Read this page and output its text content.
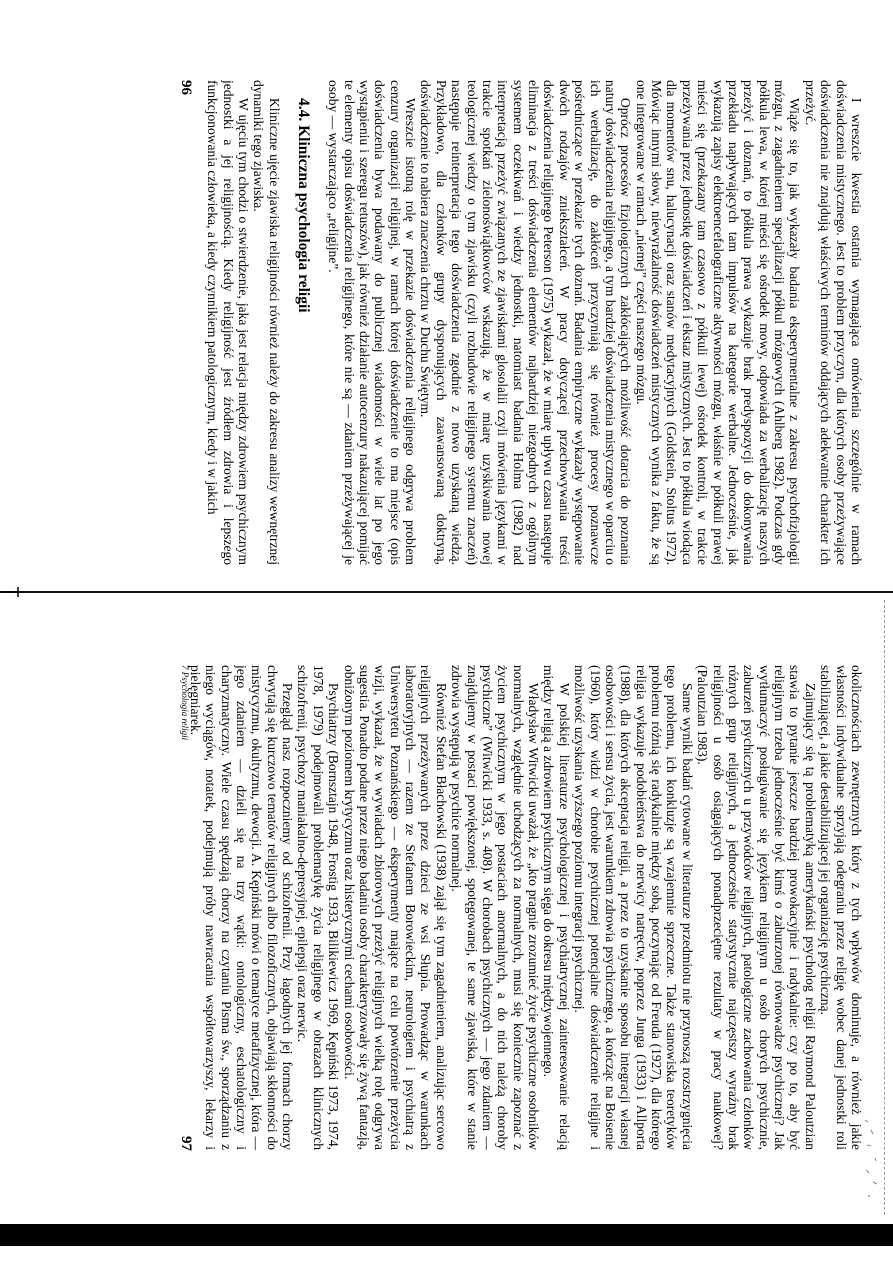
I wreszcie kwestia ostatnia wymagająca omówienia szczególnie w ramach doświadczenia mistycznego. Jest to problem przyczyn, dla których osoby przeżywające doświadczenia nie znajdują właściwych terminów oddających adekwatnie charakter ich przeżyć.

Wiąże się to, jak wykazały badania eksperymentalne z zakresu psychofizjologii mózgu, z zagadnieniem specjalizacji półkul mózgowych (Ahlberg 1982). Podczas gdy półkula lewa, w której mieści się ośrodek mowy, odpowiada za werbalizację naszych przeżyć i doznań, to półkula prawa wykazuje brak predyspozycji do dokonywania przekładu napływających tam impulsów na kategorie werbalne. Jednocześnie, jak wykazują zapisy elektroencefalograficzne aktywności mózgu, właśnie w półkuli prawej mieści się (przekazany tam czasowo z półkuli lewej) ośrodek kontroli, w trakcie przeżywania przez jednostkę doświadczeń i ekstaz mistycznych. Jest to półkula wiodąca dla momentów snu, halucynacji oraz stanów medytacyjnych (Goldstein, Stoltus 1972). Mówiąc innymi słowy, niewyrażalność doświadczeń mistycznych wynika z faktu, że są one integrowane w ramach „niemej” części naszego mózgu.

Oprócz procesów fizjologicznych zakłócających możliwość dotarcia do poznania natury doświadczenia religijnego, a tym bardziej doświadczenia mistycznego w oparciu o ich werbalizację, do zakłóceń przyczyniają się również procesy poznawcze pośredniczące w przekazie tych doznań. Badania empiryczne wykazały występowanie dwóch rodzajów zniekształceń. W pracy dotyczącej przechowywania treści doświadczenia religijnego Peterson (1975) wykazał, że w miarę upływu czasu następuje eliminacja z treści doświadczenia elementów najbardziej niezgodnych z ogólnym systemem oczekiwań i wiedzy jednostki, natomiast badania Holma (1982) nad interpretacją przeżyć związanych ze zjawiskami glosolalii czyli mówienia językami w trakcie spotkań zielonoświątkowców wskazują, że w miarę uzyskiwania nowej teologicznej wiedzy o tym zjawisku (czyli rozbudowie religijnego systemu znaczeń) następuje reinterpretacja tego doświadczenia zgodnie z nowo uzyskaną wiedzą. Przykładowo, dla członków grupy dysponujących zaawansowaną doktryną, doświadczenie to nabiera znaczenia chrztu w Duchu Świętym.

Wreszcie istotną rolę w przekazie doświadczenia religijnego odgrywa problem cenzury organizacji religijnej, w ramach której doświadczenie to ma miejsce (opis doświadczenia bywa podawany do publicznej wiadomości w wiele lat po jego wystąpieniu i szeregu retuszów), jak również działanie autocenzury nakazującej pomijać te elementy opisu doświadczenia religijnego, które nie są — zdaniem przeżywającej je osoby — wystarczająco „religijne”.

4.4. Kliniczna psychologia religii

Kliniczne ujęcie zjawiska religijności również należy do zakresu analizy wewnętrznej dynamiki tego zjawiska.

W ujęciu tym chodzi o stwierdzenie, jaka jest relacja między zdrowiem psychicznym jednostki a jej religijnością. Kiedy religijność jest źródłem zdrowia i lepszego funkcjonowania człowieka, a kiedy czynnikiem patologicznym, kiedy i w jakich

96

okolicznościach zewnętrznych który z tych wpływów dominuje, a również jakie własności indywidualne sprzyjają odegraniu przez religię wobec danej jednostki roli stabilizującej, a jakie destabilizującej jej organizację psychiczną.

Zajmujący się tą problematyką amerykański psycholog religii Raymond Paloutzian stawia to pytanie jeszcze bardziej prowokacyjnie i radykalnie: czy po to, aby być religijnym trzeba jednocześnie być kimś o zaburzonej równowadze psychicznej? Jak wytłumaczyć posługiwanie się językiem religijnym u osób chorych psychicznie, zaburzeń psychicznych u przywódców religijnych, patologiczne zachowania członków różnych grup religijnych, a jednocześnie statystycznie najczęstszy wyraźny brak religijności u osób osiągających ponadprzeciętne rezultaty w pracy naukowej? (Paloutzian 1983).

Same wyniki badań cytowane w literaturze przedmiotu nie przynoszą rozstrzygnięcia tego problemu, ich konkluzje są wzajemnie sprzeczne. Także stanowiska teoretyków problemu różnią się radykalnie między sobą, poczynając od Freuda (1927), dla którego religia wykazuje podobieństwa do nerwicy natręctw, poprzez Junga (1933) i Allporta (1988), dla których akceptacja religii, a przez to uzyskanie sposobu integracji własnej osobowości i sensu życia, jest warunkiem zdrowia psychicznego, a kończąc na Boisenie (1960), który widzi w chorobie psychicznej potencjalne doświadczenie religijne i możliwość uzyskania wyższego poziomu integracji psychicznej.

W polskiej literaturze psychologicznej i psychiatrycznej zainteresowanie relacją między religią a zdrowiem psychicznym sięga do okresu międzywojennego.

Władysław Witwicki uważał, że „kto pragnie zrozumieć życie psychiczne osobników normalnych, względnie uchodzących za normalnych, musi się koniecznie zapoznać z życiem psychicznym w jego postaciach anormalnych, a do nich należą choroby psychiczne” (Witwicki 1933, s. 408). W chorobach psychicznych — jego zdaniem — znajdujemy w postaci powiększonej, spotęgowanej, te same zjawiska, które w stanie zdrowia występują w psychice normalnej.

Również Stefan Błachowski (1938) zajął się tym zagadnieniem, analizując sercowo religijnych przeżywanych przez dzieci ze wsi Słupia. Prowadząc w warunkach laboratoryjnych — razem ze Stefanem Borowieckim, neurologiem i psychiatrą z Uniwersytetu Poznańskiego — eksperymenty mające na celu powtórzenie przeżycia wizji, wykazał, że w wywiadach zbiorowych przeżyć religijnych wielką rolę odgrywa sugestia. Ponadto podane przez niego badaniu osoby charakteryzowały się żywą fantazją, obniżonym poziomem krytycyzmu oraz histerycznymi cechami osobowości.

Psychiatrzy (Bornsztajn 1948, Frostig 1933, Bilikiewicz 1969, Kępiński 1973, 1974, 1978, 1979) podejmowali problematykę życia religijnego w obrazach klinicznych schizofrenii, psychozy maniakalno-depresyjnej, epilepsji oraz nerwic.

Przegląd nasz rozpoczniemy od schizofrenii. Przy łagodnych jej formach chorzy chwytają się kurczowo tematów religijnych albo filozoficznych, objawiają skłonności do mistycyzmu, okultyzmu, dewocji. A. Kępiński mówi o tematyce metafizycznej, która — jego zdaniem — dzieli się na trzy wątki: ontologiczny, eschatologiczny i charyzmatyczny. Wiele czasu spędzają chorzy na czytaniu Pisma św., sporządzaniu z niego wyciągów, notatek, podejmują próby nawracania współtowarzyszy, lekarzy i pielęgniarek.

7 Psychologia religii
97
